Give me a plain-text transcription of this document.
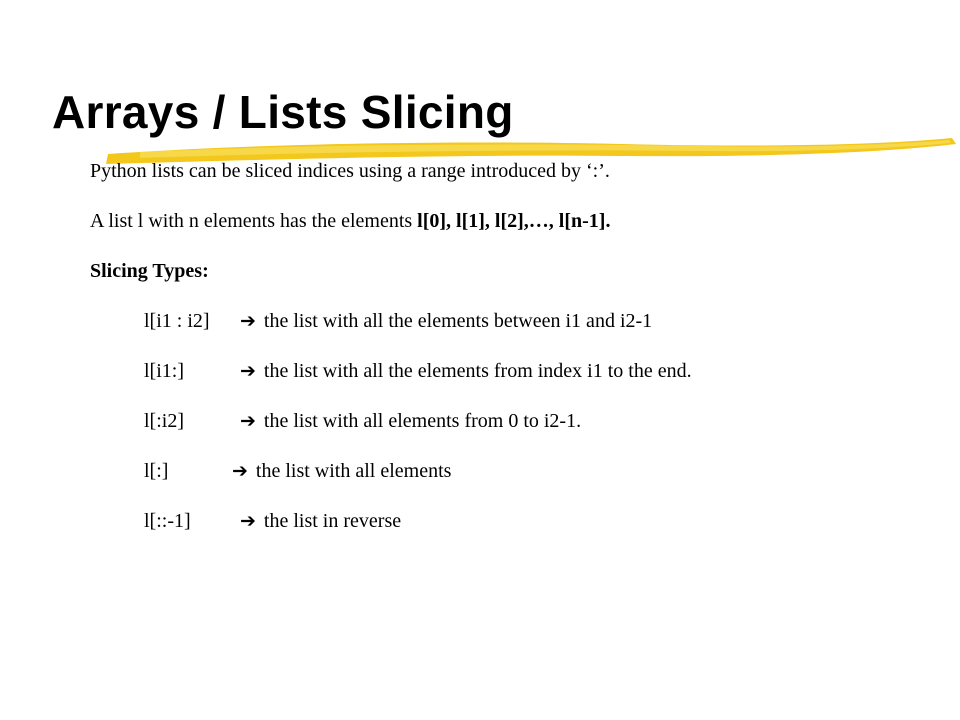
Arrays / Lists Slicing
Python lists can be sliced indices using a range introduced by ‘:’.
A list l with n elements has the elements l[0], l[1], l[2],…, l[n-1].
Slicing Types:
l[i1 : i2] ➔ the list with all the elements between i1 and i2-1
l[i1:]	➔ the list with all the elements from index i1 to the end.
l[:i2]	➔ the list with all elements from 0 to i2-1.
l[:]	➔ the list with all elements
l[::-1]	➔ the list in reverse
